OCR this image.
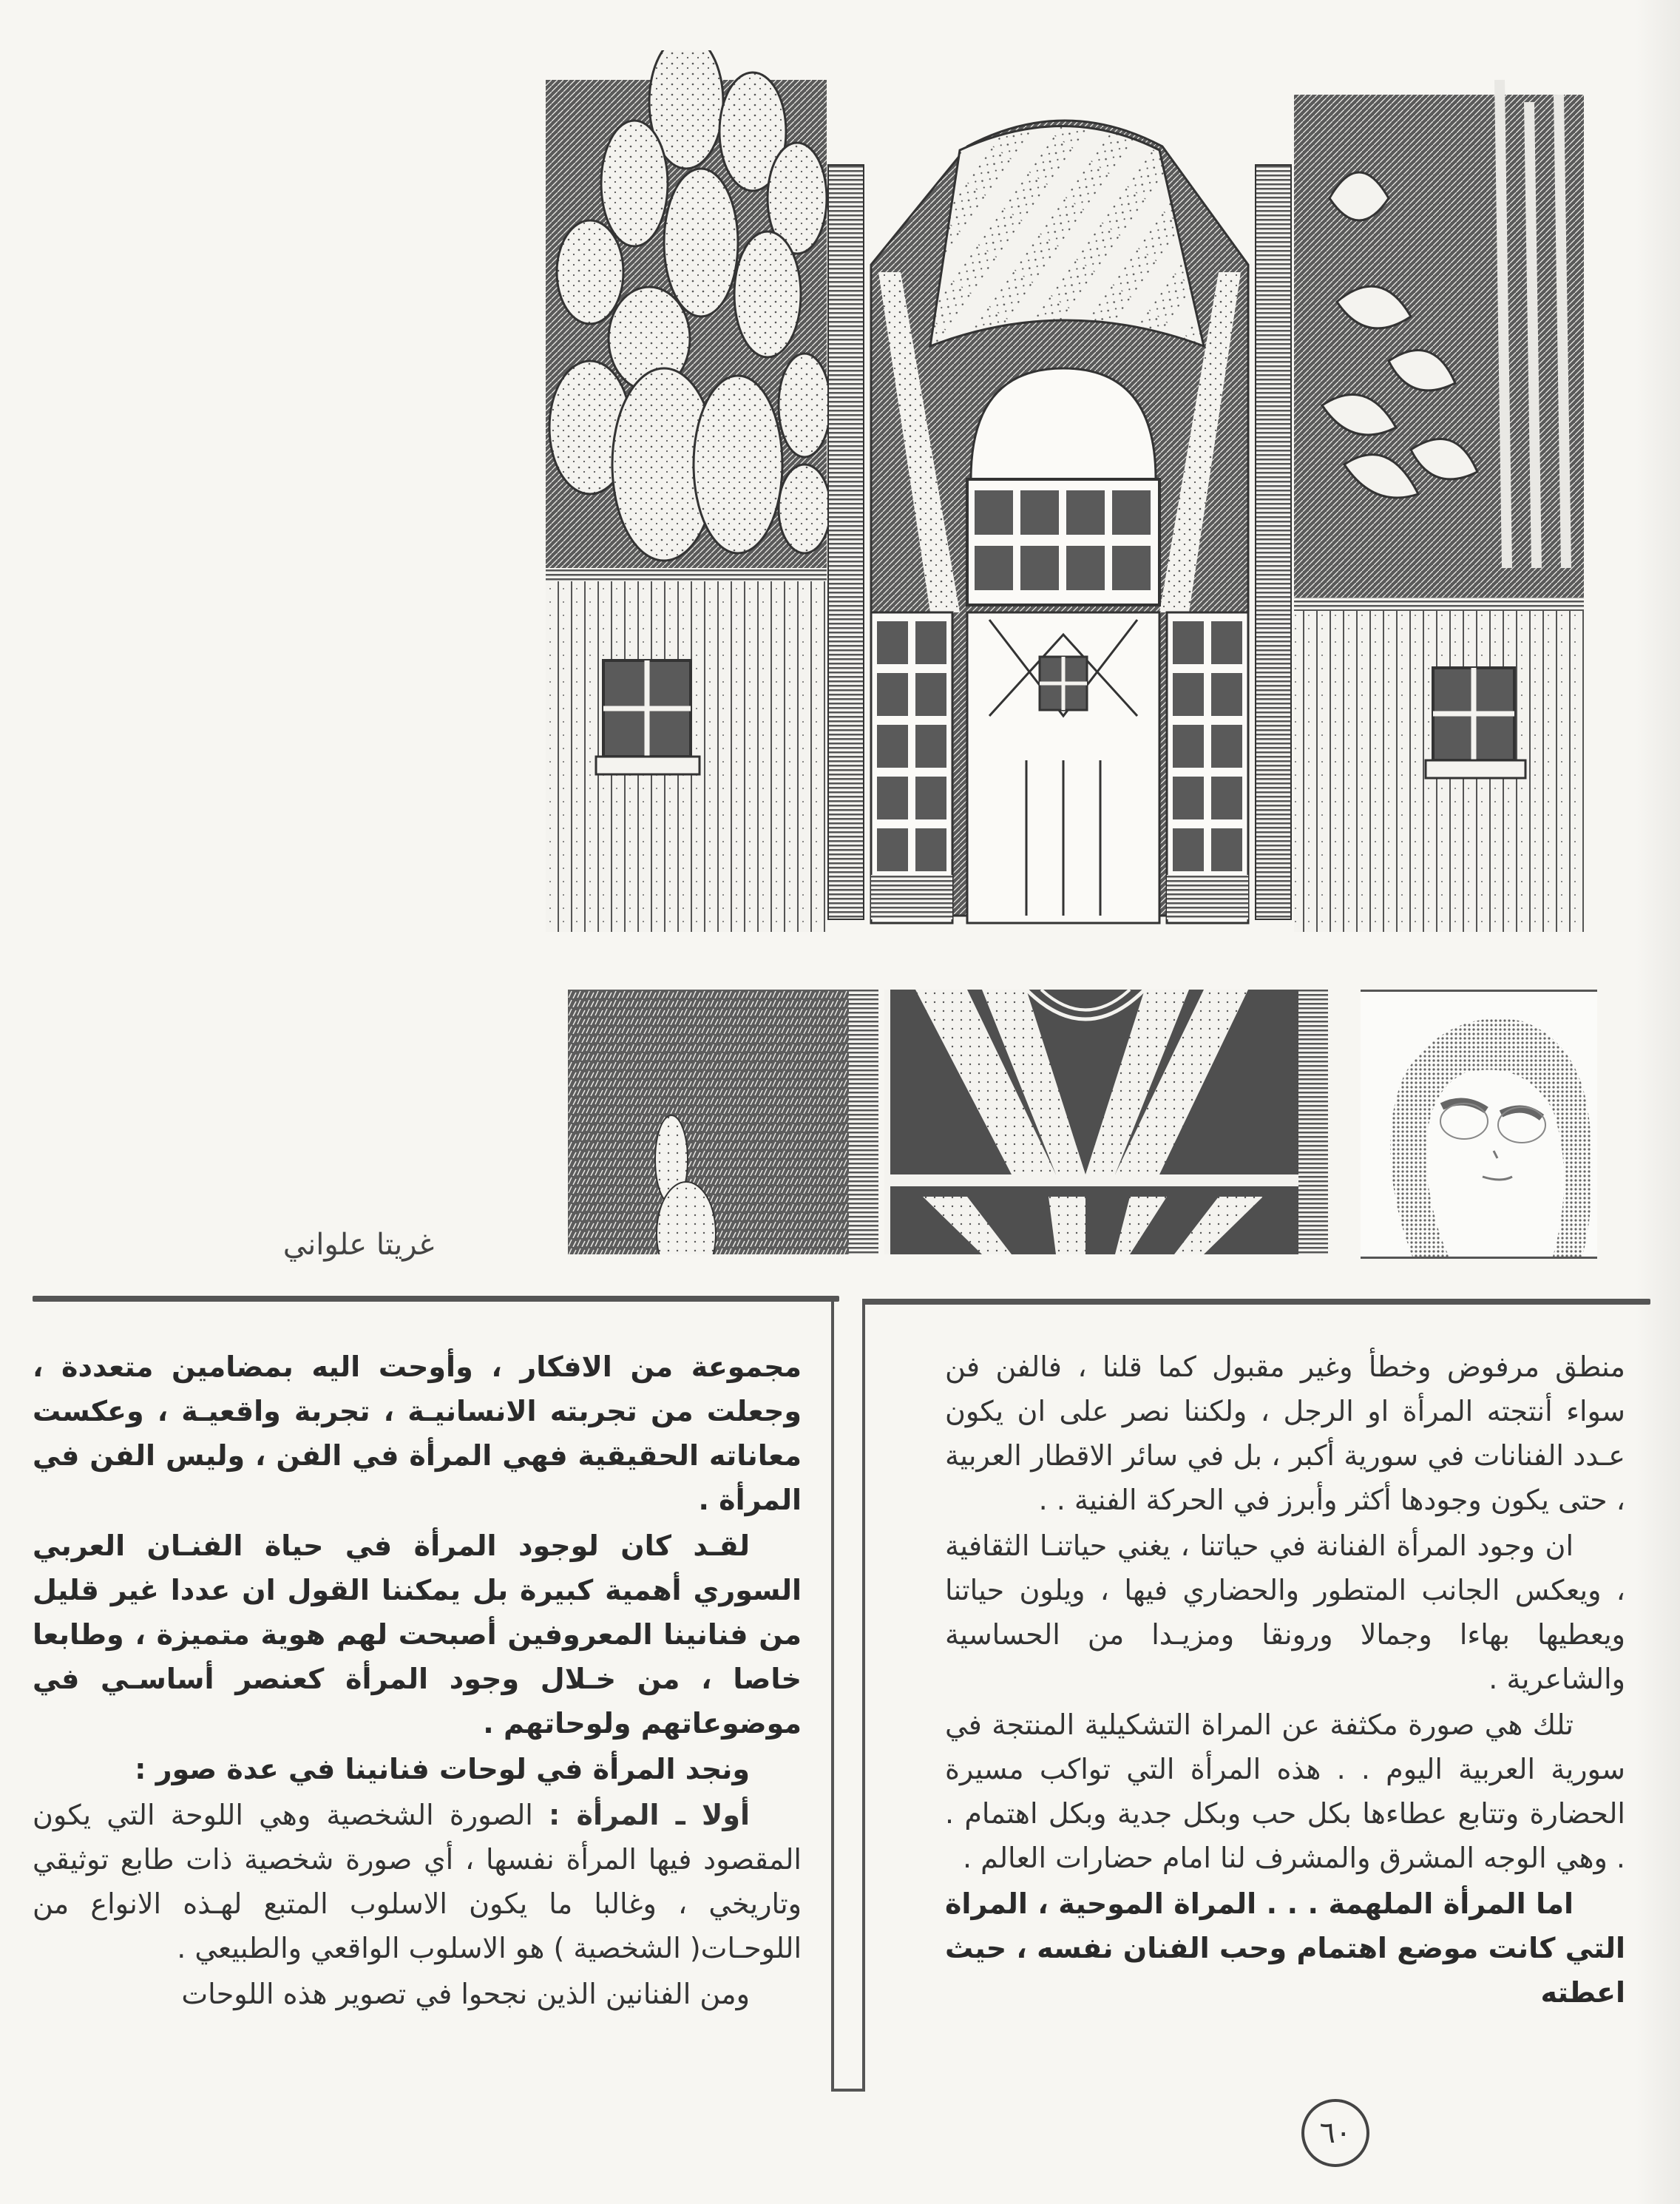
غريتا علواني

منطق مرفوض وخطأ وغير مقبول كما قلنا ، فالفن فن سواء أنتجته المرأة او الرجل ، ولكننا نصر على ان يكون عـدد الفنانات في سورية أكبر ، بل في سائر الاقطار العربية ، حتى يكون وجودها أكثر وأبرز في الحركة الفنية . .

ان وجود المرأة الفنانة في حياتنا ، يغني حياتنـا الثقافية ، ويعكس الجانب المتطور والحضاري فيها ، ويلون حياتنا ويعطيها بهاءا وجمالا ورونقا ومزيـدا من الحساسية والشاعرية .

تلك هي صورة مكثفة عن المراة التشكيلية المنتجة في سورية العربية اليوم . . هذه المرأة التي تواكب مسيرة الحضارة وتتابع عطاءها بكل حب وبكل جدية وبكل اهتمام . . وهي الوجه المشرق والمشرف لنا امام حضارات العالم .

اما المرأة الملهمة . . . المراة الموحية ، المراة التي كانت موضع اهتمام وحب الفنان نفسه ، حيث اعطته

مجموعة من الافكار ، وأوحت اليه بمضامين متعددة ، وجعلت من تجربته الانسانيـة ، تجربة واقعيـة ، وعكست معاناته الحقيقية فهي المرأة في الفن ، وليس الفن في المرأة .

لقـد كان لوجود المرأة في حياة الفنـان العربي السوري أهمية كبيرة بل يمكننا القول ان عددا غير قليل من فنانينا المعروفين أصبحت لهم هوية متميزة ، وطابعا خاصا ، من خـلال وجود المرأة كعنصر أساسـي في موضوعاتهم ولوحاتهم .

ونجد المرأة في لوحات فنانينا في عدة صور :

أولا ـ المرأة : الصورة الشخصية وهي اللوحة التي يكون المقصود فيها المرأة نفسها ، أي صورة شخصية ذات طابع توثيقي وتاريخي ، وغالبا ما يكون الاسلوب المتبع لهـذه الانواع من اللوحـات( الشخصية ) هو الاسلوب الواقعي والطبيعي .

ومن الفنانين الذين نجحوا في تصوير هذه اللوحات

٦٠
